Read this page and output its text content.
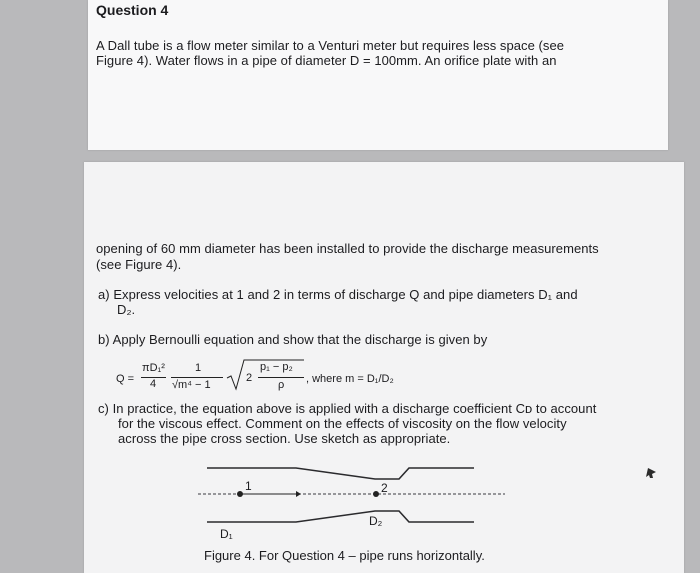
Question 4
A Dall tube is a flow meter similar to a Venturi meter but requires less space (see
Figure 4). Water flows in a pipe of diameter D = 100mm. An orifice plate with an
opening of 60 mm diameter has been installed to provide the discharge measurements
(see Figure 4).
a) Express velocities at 1 and 2 in terms of discharge Q and pipe diameters D₁ and
D₂.
b) Apply Bernoulli equation and show that the discharge is given by
Q =
πD₁²
4
1
√m⁴ − 1
2
p₁ − p₂
ρ , where m = D₁/D₂
c) In practice, the equation above is applied with a discharge coefficient Cᴅ to account
for the viscous effect. Comment on the effects of viscosity on the flow velocity
across the pipe cross section. Use sketch as appropriate.
1	2
D₂
D₁
Figure 4. For Question 4 – pipe runs horizontally.
